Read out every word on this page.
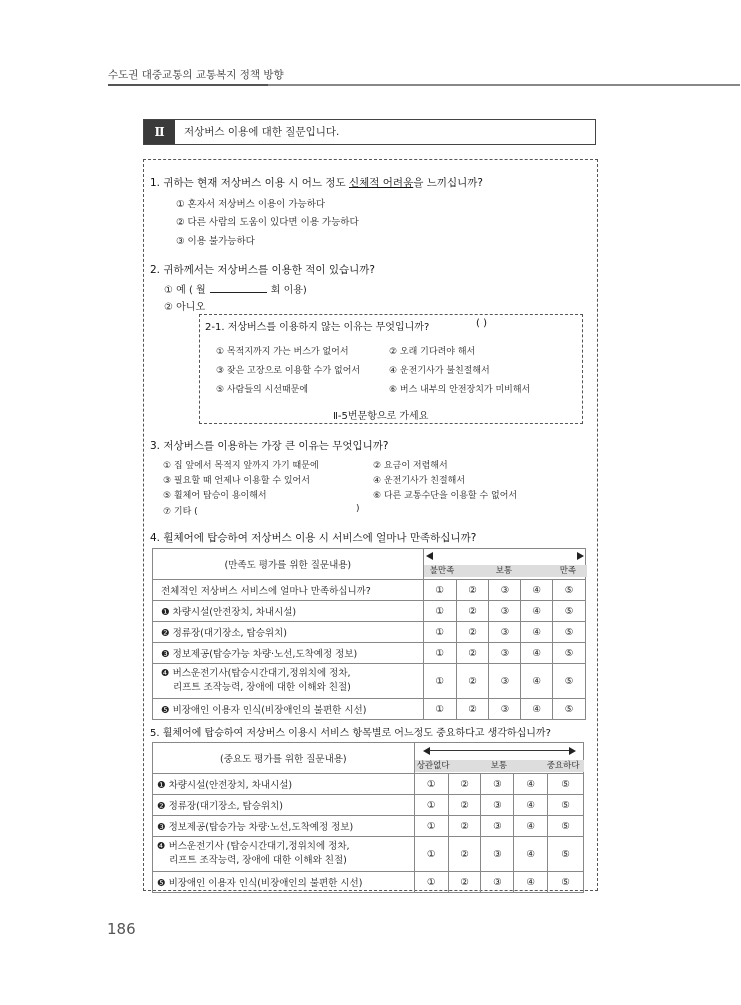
수도권 대중교통의 교통복지 정책 방향
Ⅱ	저상버스 이용에 대한 질문입니다.
1. 귀하는 현재 저상버스 이용 시 어느 정도 신체적 어려움을 느끼십니까?
① 혼자서 저상버스 이용이 가능하다
② 다른 사람의 도움이 있다면 이용 가능하다
③ 이용 불가능하다
2. 귀하께서는 저상버스를 이용한 적이 있습니까?
① 예 ( 월	회 이용)
② 아니오
2-1. 저상버스를 이용하지 않는 이유는 무엇입니까?	( )
① 목적지까지 가는 버스가 없어서
③ 잦은 고장으로 이용할 수가 없어서
⑤ 사람들의 시선때문에
② 오래 기다려야 해서
④ 운전기사가 불친절해서
⑥ 버스 내부의 안전장치가 미비해서
Ⅱ-5번문항으로 가세요
3. 저상버스를 이용하는 가장 큰 이유는 무엇입니까?
① 집 앞에서 목적지 앞까지 가기 때문에
③ 필요할 때 언제나 이용할 수 있어서
⑤ 휠체어 탑승이 용이해서
⑦ 기타 (
② 요금이 저렴해서
④ 운전기사가 친절해서
⑥ 다른 교통수단을 이용할 수 없어서
)
4. 휠체어에 탑승하여 저상버스 이용 시 서비스에 얼마나 만족하십니까?
(만족도 평가를 위한 질문내용)	불만족 보통 만족				

전체적인 저상버스 서비스에 얼마나 만족하십니까?	①	②	③	④	⑤
❶ 차량시설(안전장치, 차내시설)	①	②	③	④	⑤
❷ 정류장(대기장소, 탑승위치)	①	②	③	④	⑤
❸ 정보제공(탑승가능 차량·노선,도착예정 정보)	①	②	③	④	⑤
❹ 버스운전기사(탑승시간대기,정위치에 정차,
리프트 조작능력, 장애에 대한 이해와 친절)	①	②	③	④	⑤
❺ 비장애인 이용자 인식(비장애인의 불편한 시선)	①	②	③	④	⑤
5. 휠체어에 탑승하여 저상버스 이용시 서비스 항목별로 어느정도 중요하다고 생각하십니까?
(중요도 평가를 위한 질문내용)	상관없다 보통 중요하다				

❶ 차량시설(안전장치, 차내시설)	①	②	③	④	⑤
❷ 정류장(대기장소, 탑승위치)	①	②	③	④	⑤
❸ 정보제공(탑승가능 차량·노선,도착예정 정보)	①	②	③	④	⑤
❹ 버스운전기사 (탑승시간대기,정위치에 정차,
리프트 조작능력, 장애에 대한 이해와 친절)	①	②	③	④	⑤
❺ 비장애인 이용자 인식(비장애인의 불편한 시선)	①	②	③	④	⑤
186
